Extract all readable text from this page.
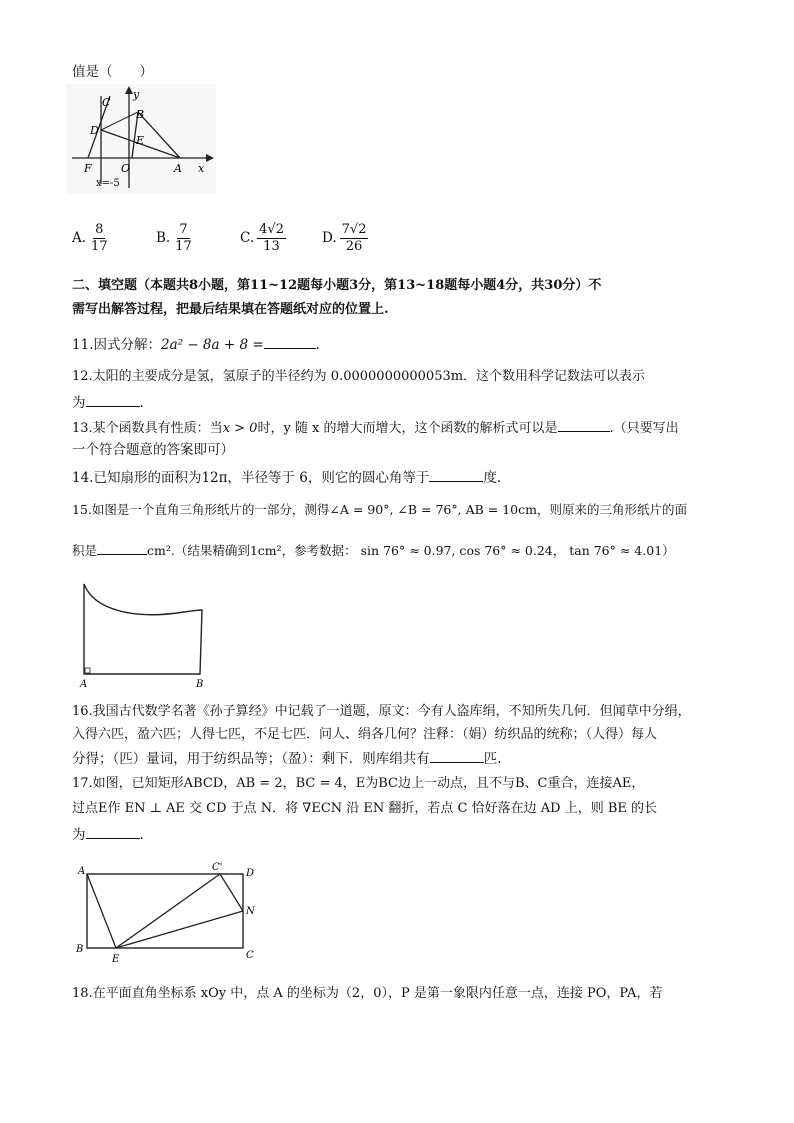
值是（　　）
C
y
B
D
E
F	O	A x
x=-5
A. $\frac{8}{17}$	B. $\frac{7}{17}$	C. $\frac{4√2}{13}$	D. $\frac{7√2}{26}$
二、填空题（本题共8小题，第11~12题每小题3分，第13~18题每小题4分，共30分）不
需写出解答过程，把最后结果填在答题纸对应的位置上.
11.因式分解：2a² − 8a + 8 =	.
12.太阳的主要成分是氢，氢原子的半径约为 0.0000000000053m．这个数用科学记数法可以表示
为	.
13.某个函数具有性质：当x > 0时，y 随 x 的增大而增大，这个函数的解析式可以是	.（只要写出
一个符合题意的答案即可）
14.已知扇形的面积为12π，半径等于 6，则它的圆心角等于	度.
15.如图是一个直角三角形纸片的一部分，测得∠A = 90°, ∠B = 76°, AB = 10cm，则原来的三角形纸片的面
积是	cm².（结果精确到1cm²，参考数据： sin 76° ≈ 0.97, cos 76° ≈ 0.24， tan 76° ≈ 4.01）
A	B
16.我国古代数学名著《孙子算经》中记载了一道题，原文：今有人盗库绢，不知所失几何．但闻草中分绢，
入得六匹，盈六匹；人得七匹，不足七匹．问人、绢各几何？注释：（娟）纺织品的统称；（人得）每人
分得；（匹）量词，用于纺织品等；（盈）：剩下．则库绢共有	匹.
17.如图，已知矩形ABCD，AB = 2，BC = 4，E为BC边上一动点，且不与B、C重合，连接AE，
过点E作 EN ⊥ AE 交 CD 于点 N．将 ∇ECN 沿 EN 翻折，若点 C 恰好落在边 AD 上，则 BE 的长
为	.
A	C'
D
N
B
E	C
18.在平面直角坐标系 xOy 中，点 A 的坐标为（2，0），P 是第一象限内任意一点，连接 PO，PA，若
